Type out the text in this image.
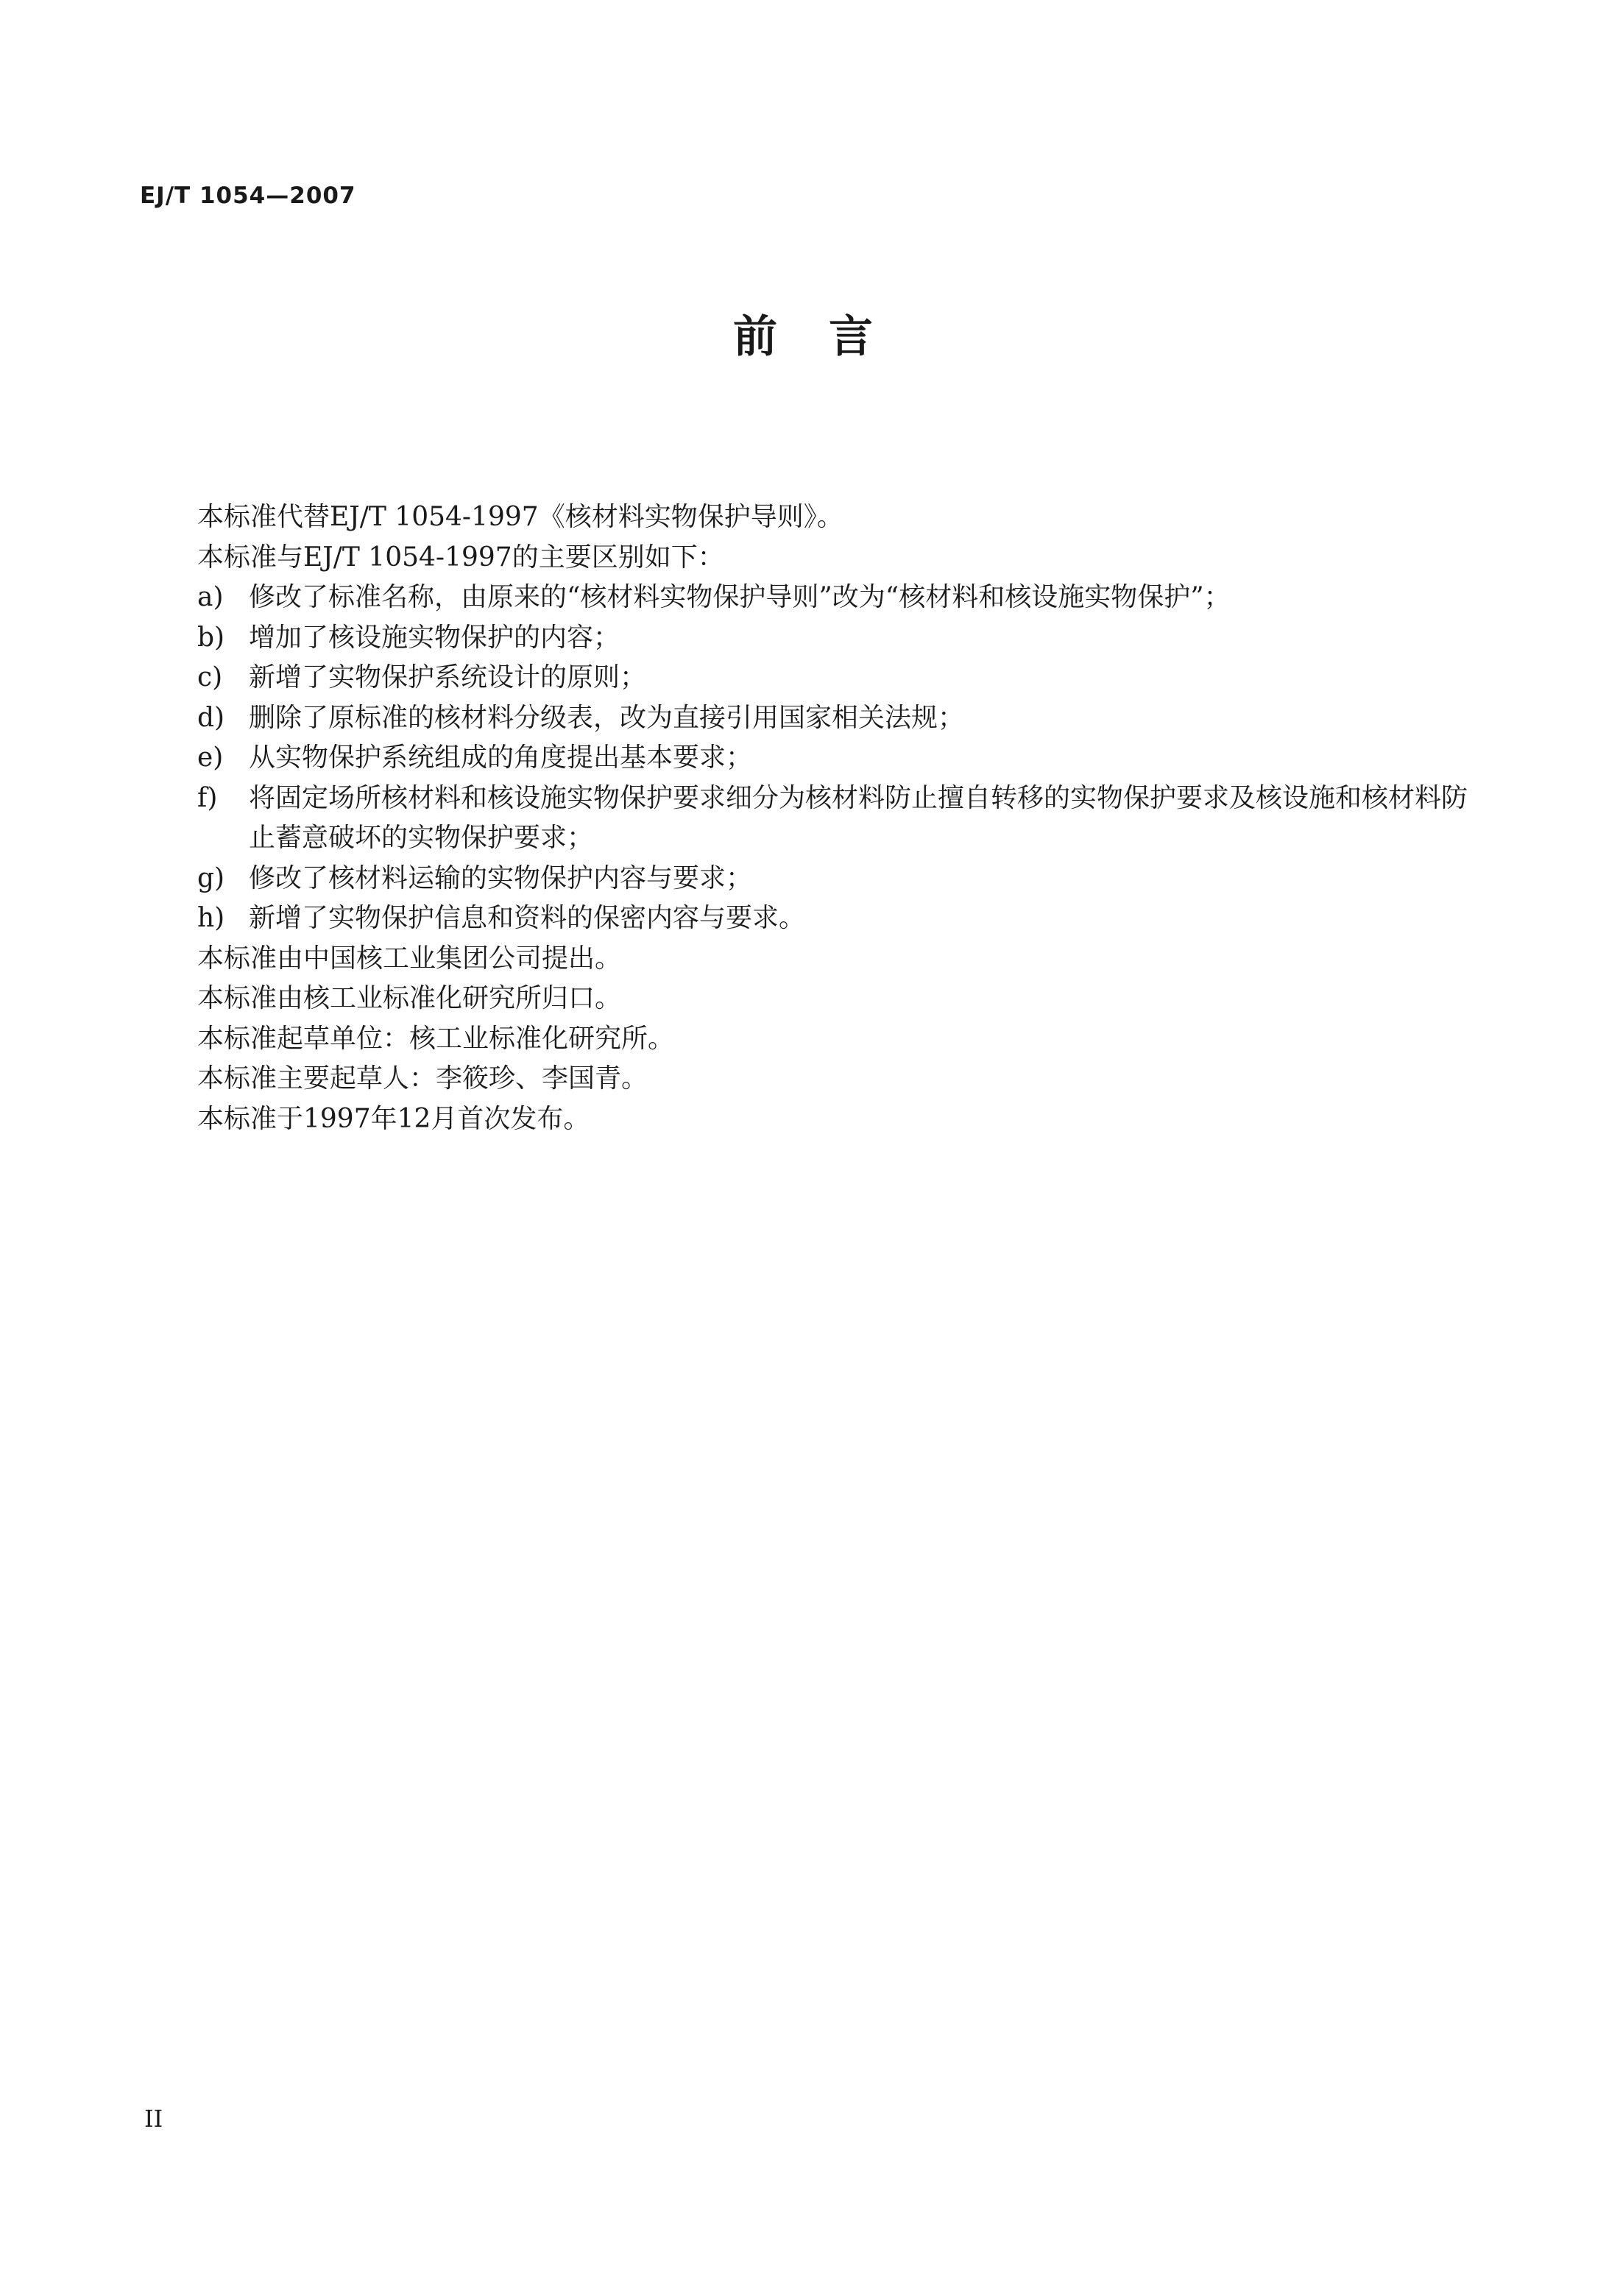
EJ/T 1054—2007
前言
本标准代替EJ/T 1054-1997《核材料实物保护导则》。
本标准与EJ/T 1054-1997的主要区别如下：
a) 修改了标准名称，由原来的“核材料实物保护导则”改为“核材料和核设施实物保护”；
b) 增加了核设施实物保护的内容；
c) 新增了实物保护系统设计的原则；
d) 删除了原标准的核材料分级表，改为直接引用国家相关法规；
e) 从实物保护系统组成的角度提出基本要求；
f)	将固定场所核材料和核设施实物保护要求细分为核材料防止擅自转移的实物保护要求及核设施和核材料防止蓄意破坏的实物保护要求；
g) 修改了核材料运输的实物保护内容与要求；
h) 新增了实物保护信息和资料的保密内容与要求。
本标准由中国核工业集团公司提出。
本标准由核工业标准化研究所归口。
本标准起草单位：核工业标准化研究所。
本标准主要起草人：李筱珍、李国青。
本标准于1997年12月首次发布。
II
